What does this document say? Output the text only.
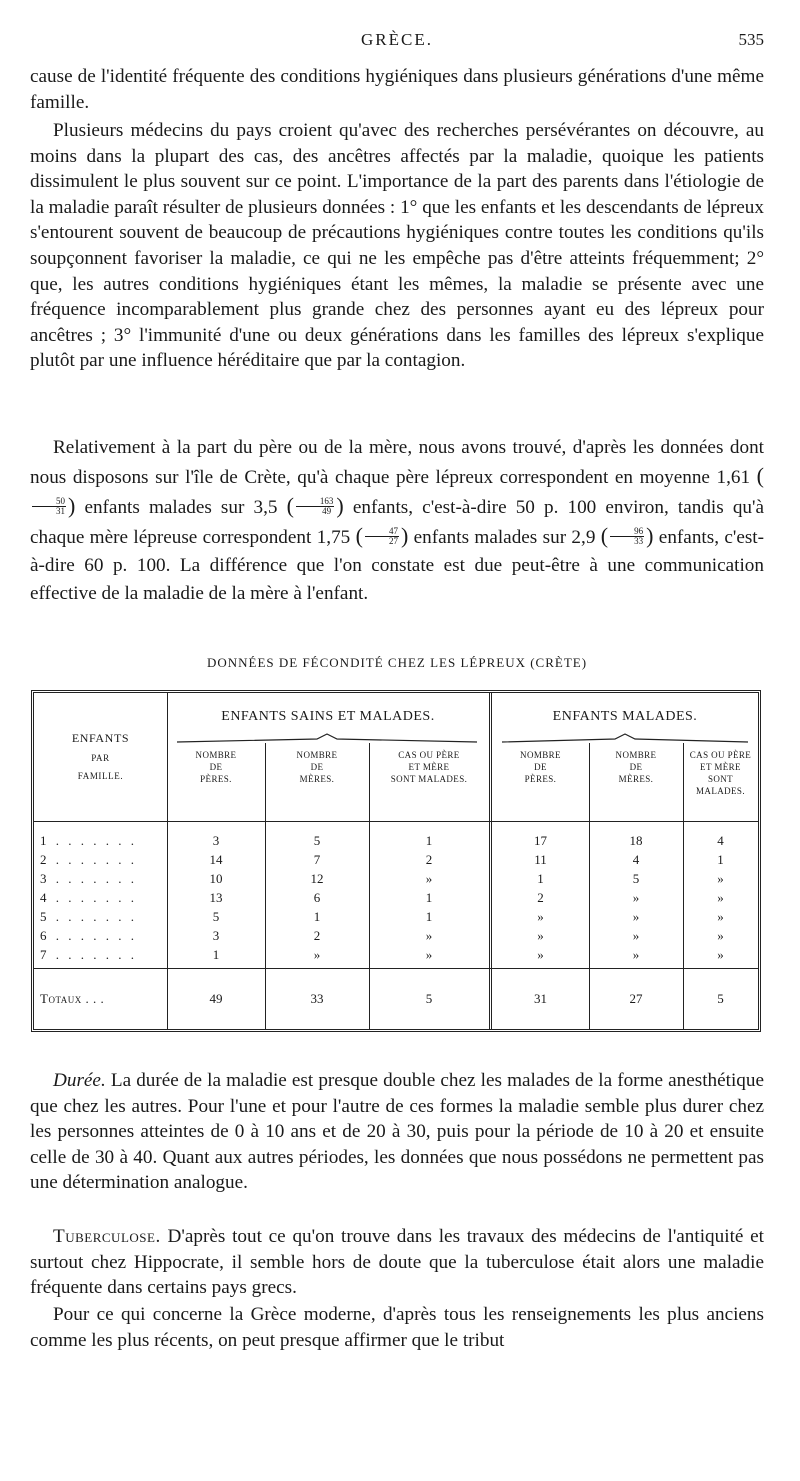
GRÈCE.	535

cause de l'identité fréquente des conditions hygiéniques dans plusieurs générations d'une même famille.

Plusieurs médecins du pays croient qu'avec des recherches persévérantes on découvre, au moins dans la plupart des cas, des ancêtres affectés par la maladie, quoique les patients dissimulent le plus souvent sur ce point. L'importance de la part des parents dans l'étiologie de la maladie paraît résulter de plusieurs données : 1° que les enfants et les descendants de lépreux s'entourent souvent de beaucoup de précautions hygiéniques contre toutes les conditions qu'ils soupçonnent favoriser la maladie, ce qui ne les empêche pas d'être atteints fréquemment; 2° que, les autres conditions hygiéniques étant les mêmes, la maladie se présente avec une fréquence incomparablement plus grande chez des personnes ayant eu des lépreux pour ancêtres ; 3° l'immunité d'une ou deux générations dans les familles des lépreux s'explique plutôt par une influence héréditaire que par la contagion.

Relativement à la part du père ou de la mère, nous avons trouvé, d'après les données dont nous disposons sur l'île de Crète, qu'à chaque père lépreux correspondent en moyenne 1,61 (
$\frac{50}{31}$ ) enfants malades sur 3,5 ( $\frac{163}{49}$ ) enfants, c'est-à-dire 50 p. 100 environ, tandis qu'à chaque mère lépreuse correspondent 1,75 ( $\frac{47}{27}$ ) enfants malades sur 2,9 ( $\frac{96}{33}$ ) enfants, c'est-à-dire 60 p. 100. La différence que l'on constate est due peut-être à une communication effective de la maladie de la mère à l'enfant.

DONNÉES DE FÉCONDITÉ CHEZ LES LÉPREUX (CRÈTE)
ENFANTS
PAR
FAMILLE.
ENFANTS SAINS ET MALADES.
NOMBRE
DE
PÈRES.
NOMBRE
DE
MÈRES.
CAS OU PÈRE
ET MÈRE
SONT MALADES.
ENFANTS MALADES.
NOMBRE
DE
PÈRES.
NOMBRE
DE
MÈRES.
CAS OU PÈRE
ET MÈRE
SONT MALADES.
1 . . . . . . .	3	5	1	17	18	4
2 . . . . . . .	14	7	2	11	4	1
3 . . . . . . .	10	12	»	1	5	»
4 . . . . . . .	13	6	1	2	»	»
5 . . . . . . .	5	1	1	»	»	»
6 . . . . . . .	3	2	»	»	»	»
7 . . . . . . .	1	»	»	»	»	»
Totaux . . .	49	33	5	31	27	5

Durée. La durée de la maladie est presque double chez les malades de la forme anesthétique que chez les autres. Pour l'une et pour l'autre de ces formes la maladie semble plus durer chez les personnes atteintes de 0 à 10 ans et de 20 à 30, puis pour la période de 10 à 20 et ensuite celle de 30 à 40. Quant aux autres périodes, les données que nous possédons ne permettent pas une détermination analogue.

Tuberculose. D'après tout ce qu'on trouve dans les travaux des médecins de l'antiquité et surtout chez Hippocrate, il semble hors de doute que la tuberculose était alors une maladie fréquente dans certains pays grecs.

Pour ce qui concerne la Grèce moderne, d'après tous les renseignements les plus anciens comme les plus récents, on peut presque affirmer que le tribut
